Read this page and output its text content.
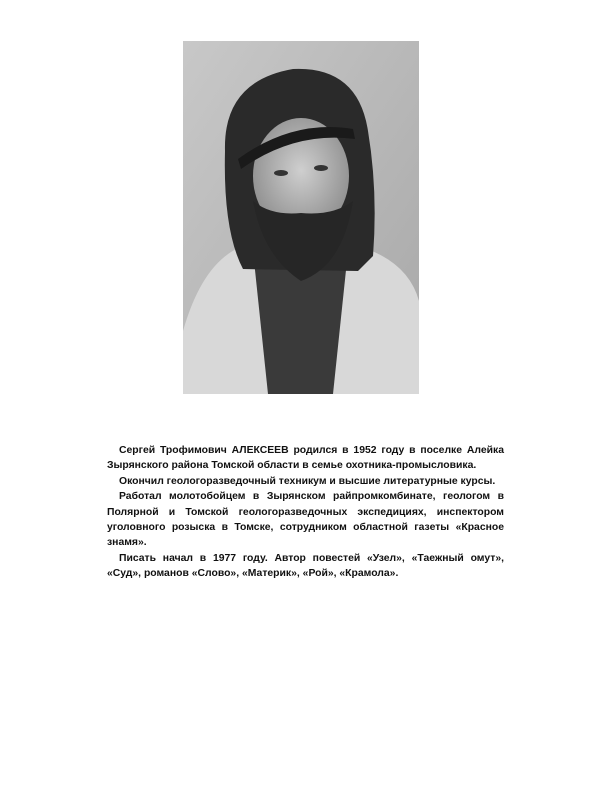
Сергей Трофимович АЛЕКСЕЕВ родился в 1952 году в поселке Алейка Зырянского района Томской области в семье охотника-промысловика.

Окончил геологоразведочный техникум и высшие литературные курсы.

Работал молотобойцем в Зырянском райпромкомбинате, геологом в Полярной и Томской геологоразведочных экспедициях, инспектором уголовного розыска в Томске, сотрудником областной газеты «Красное знамя».

Писать начал в 1977 году. Автор повестей «Узел», «Таежный омут», «Суд», романов «Слово», «Материк», «Рой», «Крамола».
